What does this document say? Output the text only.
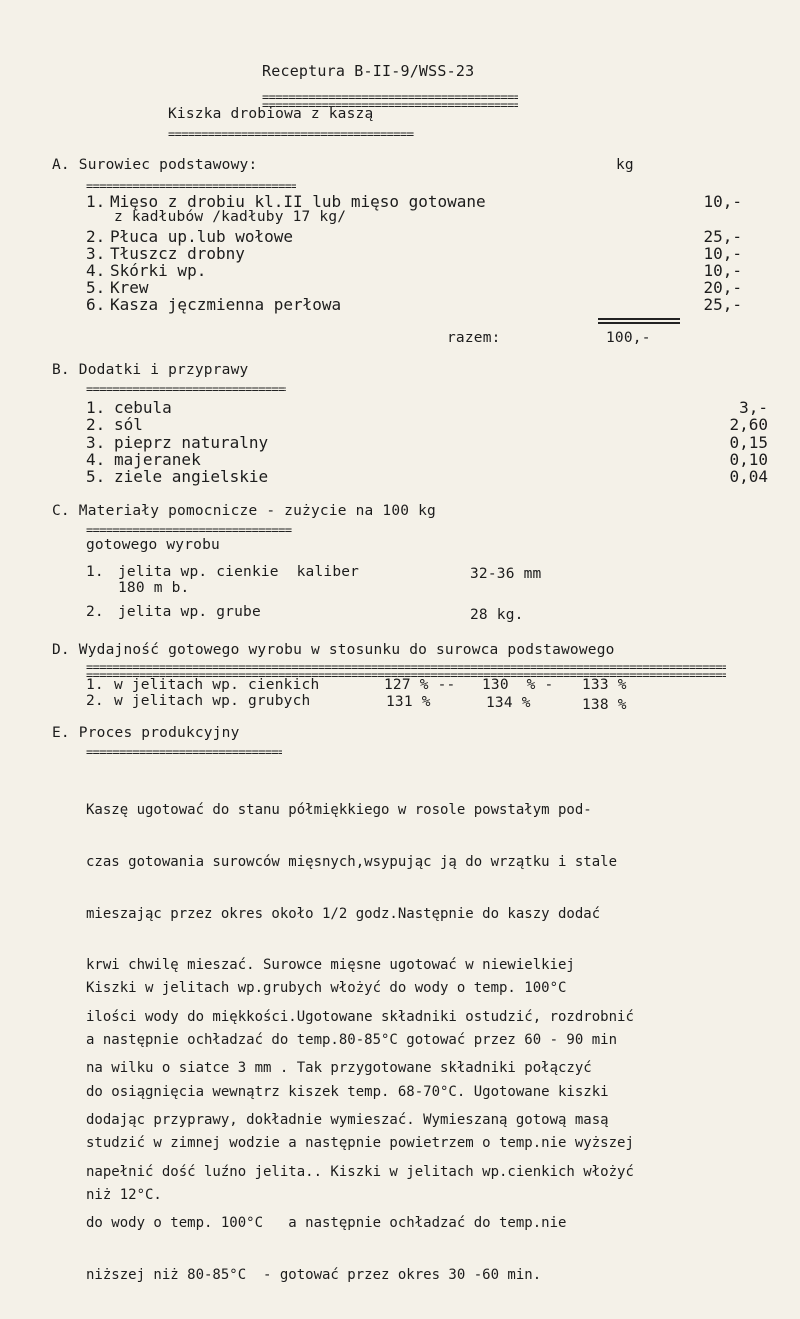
Receptura B-II-9/WSS-23
=====
=====
Kiszka drobiowa z kaszą
=====
A. Surowiec podstawowy:	kg
=====
1. Mięso z drobiu kl.II lub mięso gotowane	10,-
z kadłubów /kadłuby 17 kg/
2. Płuca up.lub wołowe	25,-
3. Tłuszcz drobny	10,-
4. Skórki wp.	10,-
5. Krew	20,-
6. Kasza jęczmienna perłowa	25,-
razem:	100,-
B. Dodatki i przyprawy
=====
1. cebula	3,-
2. sól	2,60
3. pieprz naturalny	0,15
4. majeranek	0,10
5. ziele angielskie	0,04
C. Materiały pomocnicze - zużycie na 100 kg
=====
gotowego wyrobu
1. jelita wp. cienkie  kaliber	32-36 mm
180 m b.
2. jelita wp. grube	28 kg.
D. Wydajność gotowego wyrobu w stosunku do surowca podstawowego
=====
=====
1. w jelitach wp. cienkich	127 % -- 130  % - 133 %
2. w jelitach wp. grubych	131 %	134 %	138 %
E. Proces produkcyjny
=====

Kaszę ugotować do stanu półmiękkiego w rosole powstałym pod-

czas gotowania surowców mięsnych,wsypując ją do wrzątku i stale

mieszając przez okres około 1/2 godz.Następnie do kaszy dodać

krwi chwilę mieszać. Surowce mięsne ugotować w niewielkiej

ilości wody do miękkości.Ugotowane składniki ostudzić, rozdrobnić

na wilku o siatce 3 mm . Tak przygotowane składniki połączyć

dodając przyprawy, dokładnie wymieszać. Wymieszaną gotową masą

napełnić dość luźno jelita.. Kiszki w jelitach wp.cienkich włożyć

do wody o temp. 100°C   a następnie ochładzać do temp.nie

niższej niż 80-85°C  - gotować przez okres 30 -60 min.

Kiszki w jelitach wp.grubych włożyć do wody o temp. 100°C

a następnie ochładzać do temp.80-85°C gotować przez 60 - 90 min

do osiągnięcia wewnątrz kiszek temp. 68-70°C. Ugotowane kiszki

studzić w zimnej wodzie a następnie powietrzem o temp.nie wyższej

niż 12°C.
